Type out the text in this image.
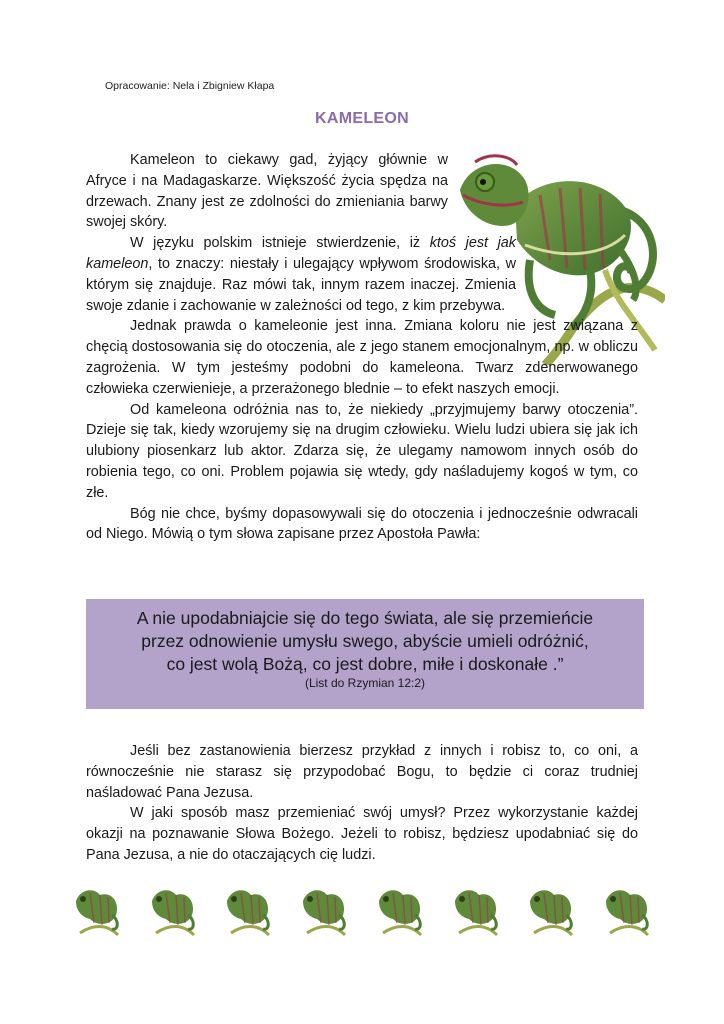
Opracowanie: Nela i Zbigniew Kłapa
KAMELEON

Kameleon to ciekawy gad, żyjący głównie w Afryce i na Madagaskarze. Większość życia spędza na drzewach. Znany jest ze zdolności do zmieniania barwy swojej skóry.

W języku polskim istnieje stwierdzenie, iż ktoś jest jak kameleon, to znaczy: niestały i ulegający wpływom środowiska, w którym się znajduje. Raz mówi tak, innym razem inaczej. Zmienia swoje zdanie i zachowanie w zależności od tego, z kim przebywa.

Jednak prawda o kameleonie jest inna. Zmiana koloru nie jest związana z chęcią dostosowania się do otoczenia, ale z jego stanem emocjonalnym, np. w obliczu zagrożenia. W tym jesteśmy podobni do kameleona. Twarz zdenerwowanego człowieka czerwienieje, a przerażonego blednie – to efekt naszych emocji.

Od kameleona odróżnia nas to, że niekiedy „przyjmujemy barwy otoczenia”. Dzieje się tak, kiedy wzorujemy się na drugim człowieku. Wielu ludzi ubiera się jak ich ulubiony piosenkarz lub aktor. Zdarza się, że ulegamy namowom innych osób do robienia tego, co oni. Problem pojawia się wtedy, gdy naśladujemy kogoś w tym, co złe.

Bóg nie chce, byśmy dopasowywali się do otoczenia i jednocześnie odwracali od Niego. Mówią o tym słowa zapisane przez Apostoła Pawła:

A nie upodabniajcie się do tego świata, ale się przemieńcie
przez odnowienie umysłu swego, abyście umieli odróżnić,
co jest wolą Bożą, co jest dobre, miłe i doskonałe .”
(List do Rzymian 12:2)

Jeśli bez zastanowienia bierzesz przykład z innych i robisz to, co oni, a równocześnie nie starasz się przypodobać Bogu, to będzie ci coraz trudniej naśladować Pana Jezusa.

W jaki sposób masz przemieniać swój umysł? Przez wykorzystanie każdej okazji na poznawanie Słowa Bożego. Jeżeli to robisz, będziesz upodabniać się do Pana Jezusa, a nie do otaczających cię ludzi.
